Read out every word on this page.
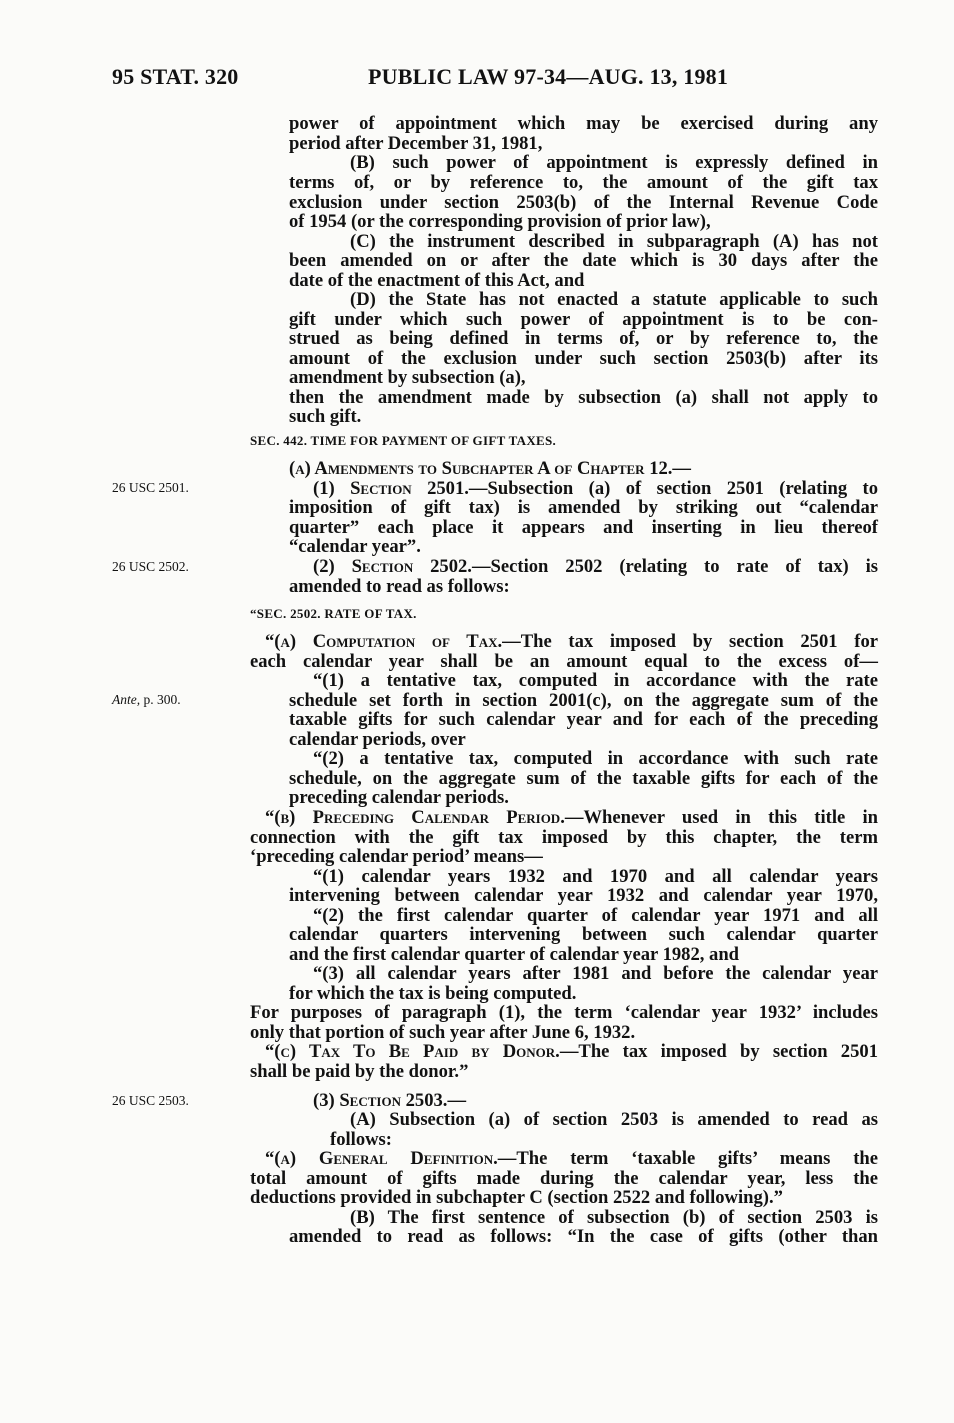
95 STAT. 320	PUBLIC LAW 97-34—AUG. 13, 1981
26 USC 2501.
26 USC 2502.
Ante, p. 300.
26 USC 2503.
power of appointment which may be exercised during any
period after December 31, 1981,
(B) such power of appointment is expressly defined in
terms of, or by reference to, the amount of the gift tax
exclusion under section 2503(b) of the Internal Revenue Code
of 1954 (or the corresponding provision of prior law),
(C) the instrument described in subparagraph (A) has not
been amended on or after the date which is 30 days after the
date of the enactment of this Act, and
(D) the State has not enacted a statute applicable to such
gift under which such power of appointment is to be con-
strued as being defined in terms of, or by reference to, the
amount of the exclusion under such section 2503(b) after its
amendment by subsection (a),
then the amendment made by subsection (a) shall not apply to
such gift.
SEC. 442. TIME FOR PAYMENT OF GIFT TAXES.
(a) Amendments to Subchapter A of Chapter 12.—
(1) Section 2501.—Subsection (a) of section 2501 (relating to
imposition of gift tax) is amended by striking out “calendar
quarter” each place it appears and inserting in lieu thereof
“calendar year”.
(2) Section 2502.—Section 2502 (relating to rate of tax) is
amended to read as follows:
“SEC. 2502. RATE OF TAX.
“(a) Computation of Tax.—The tax imposed by section 2501 for
each calendar year shall be an amount equal to the excess of—
“(1) a tentative tax, computed in accordance with the rate
schedule set forth in section 2001(c), on the aggregate sum of the
taxable gifts for such calendar year and for each of the preceding
calendar periods, over
“(2) a tentative tax, computed in accordance with such rate
schedule, on the aggregate sum of the taxable gifts for each of the
preceding calendar periods.
“(b) Preceding Calendar Period.—Whenever used in this title in
connection with the gift tax imposed by this chapter, the term
‘preceding calendar period’ means—
“(1) calendar years 1932 and 1970 and all calendar years
intervening between calendar year 1932 and calendar year 1970,
“(2) the first calendar quarter of calendar year 1971 and all
calendar quarters intervening between such calendar quarter
and the first calendar quarter of calendar year 1982, and
“(3) all calendar years after 1981 and before the calendar year
for which the tax is being computed.
For purposes of paragraph (1), the term ‘calendar year 1932’ includes
only that portion of such year after June 6, 1932.
“(c) Tax To Be Paid by Donor.—The tax imposed by section 2501
shall be paid by the donor.”
(3) Section 2503.—
(A) Subsection (a) of section 2503 is amended to read as
follows:
“(a) General Definition.—The term ‘taxable gifts’ means the
total amount of gifts made during the calendar year, less the
deductions provided in subchapter C (section 2522 and following).”
(B) The first sentence of subsection (b) of section 2503 is
amended to read as follows: “In the case of gifts (other than
